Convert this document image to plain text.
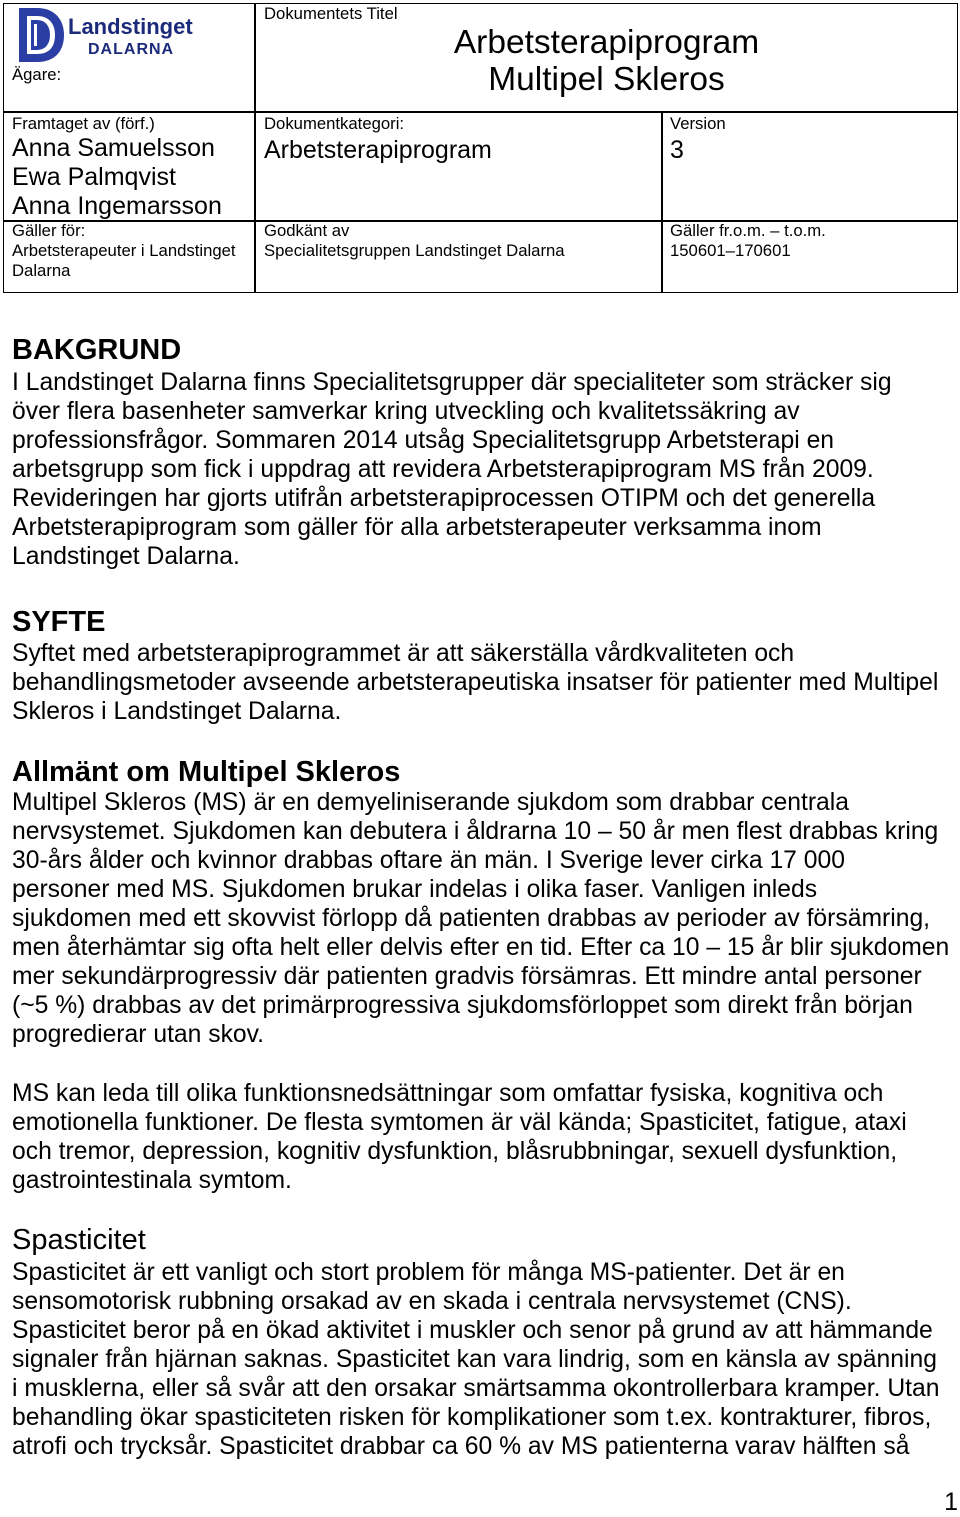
Landstinget
DALARNA
Ägare:
Dokumentets Titel
Arbetsterapiprogram
Multipel Skleros
Framtaget av (förf.)
Anna Samuelsson
Ewa Palmqvist
Anna Ingemarsson
Gäller för:
Arbetsterapeuter i Landstinget
Dalarna
Dokumentkategori:
Arbetsterapiprogram
Godkänt av
Specialitetsgruppen Landstinget Dalarna
Version
3
Gäller fr.o.m. – t.o.m.
150601–170601
BAKGRUND
I Landstinget Dalarna finns Specialitetsgrupper där specialiteter som sträcker sig
över flera basenheter samverkar kring utveckling och kvalitetssäkring av
professionsfrågor. Sommaren 2014 utsåg Specialitetsgrupp Arbetsterapi en
arbetsgrupp som fick i uppdrag att revidera Arbetsterapiprogram MS från 2009.
Revideringen har gjorts utifrån arbetsterapiprocessen OTIPM och det generella
Arbetsterapiprogram som gäller för alla arbetsterapeuter verksamma inom
Landstinget Dalarna.
SYFTE
Syftet med arbetsterapiprogrammet är att säkerställa vårdkvaliteten och
behandlingsmetoder avseende arbetsterapeutiska insatser för patienter med Multipel
Skleros i Landstinget Dalarna.
Allmänt om Multipel Skleros
Multipel Skleros (MS) är en demyeliniserande sjukdom som drabbar centrala
nervsystemet. Sjukdomen kan debutera i åldrarna 10 – 50 år men flest drabbas kring
30-års ålder och kvinnor drabbas oftare än män. I Sverige lever cirka 17 000
personer med MS. Sjukdomen brukar indelas i olika faser. Vanligen inleds
sjukdomen med ett skovvist förlopp då patienten drabbas av perioder av försämring,
men återhämtar sig ofta helt eller delvis efter en tid. Efter ca 10 – 15 år blir sjukdomen
mer sekundärprogressiv där patienten gradvis försämras. Ett mindre antal personer
(~5 %) drabbas av det primärprogressiva sjukdomsförloppet som direkt från början
progredierar utan skov.
MS kan leda till olika funktionsnedsättningar som omfattar fysiska, kognitiva och
emotionella funktioner. De flesta symtomen är väl kända; Spasticitet, fatigue, ataxi
och tremor, depression, kognitiv dysfunktion, blåsrubbningar, sexuell dysfunktion,
gastrointestinala symtom.
Spasticitet
Spasticitet är ett vanligt och stort problem för många MS-patienter. Det är en
sensomotorisk rubbning orsakad av en skada i centrala nervsystemet (CNS).
Spasticitet beror på en ökad aktivitet i muskler och senor på grund av att hämmande
signaler från hjärnan saknas. Spasticitet kan vara lindrig, som en känsla av spänning
i musklerna, eller så svår att den orsakar smärtsamma okontrollerbara kramper. Utan
behandling ökar spasticiteten risken för komplikationer som t.ex. kontrakturer, fibros,
atrofi och trycksår. Spasticitet drabbar ca 60 % av MS patienterna varav hälften så
1
